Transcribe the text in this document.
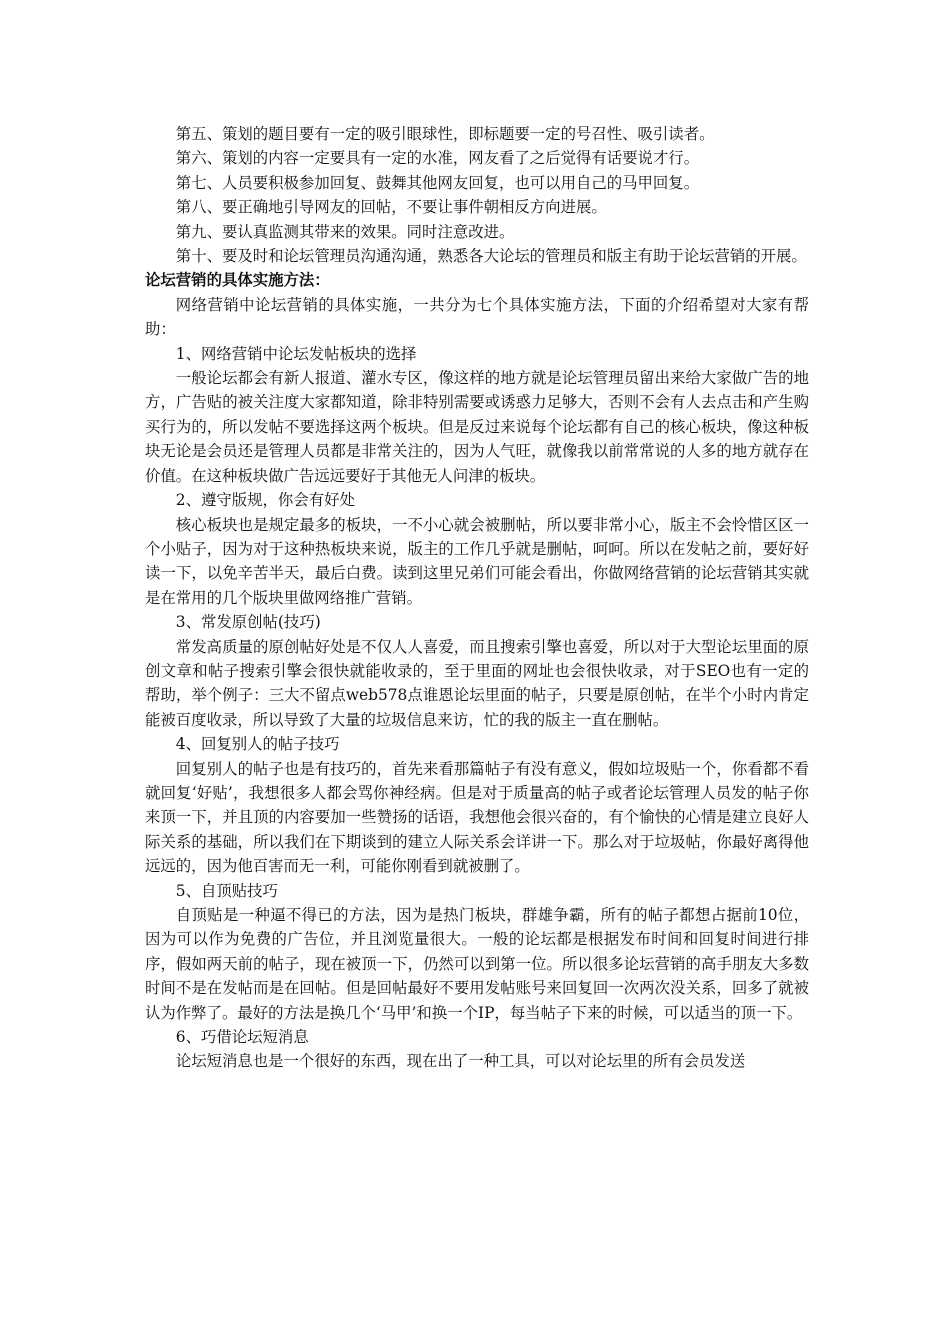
第五、策划的题目要有一定的吸引眼球性，即标题要一定的号召性、吸引读者。

第六、策划的内容一定要具有一定的水准，网友看了之后觉得有话要说才行。

第七、人员要积极参加回复、鼓舞其他网友回复，也可以用自己的马甲回复。

第八、要正确地引导网友的回帖，不要让事件朝相反方向进展。

第九、要认真监测其带来的效果。同时注意改进。

第十、要及时和论坛管理员沟通沟通，熟悉各大论坛的管理员和版主有助于论坛营销的开展。

论坛营销的具体实施方法：

网络营销中论坛营销的具体实施，一共分为七个具体实施方法，下面的介绍希望对大家有帮助：

1、网络营销中论坛发帖板块的选择

一般论坛都会有新人报道、灌水专区，像这样的地方就是论坛管理员留出来给大家做广告的地方，广告贴的被关注度大家都知道，除非特别需要或诱惑力足够大，否则不会有人去点击和产生购买行为的，所以发帖不要选择这两个板块。但是反过来说每个论坛都有自己的核心板块，像这种板块无论是会员还是管理人员都是非常关注的，因为人气旺，就像我以前常常说的人多的地方就存在价值。在这种板块做广告远远要好于其他无人问津的板块。

2、遵守版规，你会有好处

核心板块也是规定最多的板块，一不小心就会被删帖，所以要非常小心，版主不会怜惜区区一个小贴子，因为对于这种热板块来说，版主的工作几乎就是删帖，呵呵。所以在发帖之前，要好好读一下，以免辛苦半天，最后白费。读到这里兄弟们可能会看出，你做网络营销的论坛营销其实就是在常用的几个版块里做网络推广营销。

3、常发原创帖(技巧)

常发高质量的原创帖好处是不仅人人喜爱，而且搜索引擎也喜爱，所以对于大型论坛里面的原创文章和帖子搜索引擎会很快就能收录的，至于里面的网址也会很快收录，对于SEO也有一定的帮助，举个例子：三大不留点web578点谁恩论坛里面的帖子，只要是原创帖，在半个小时内肯定能被百度收录，所以导致了大量的垃圾信息来访，忙的我的版主一直在删帖。

4、回复别人的帖子技巧

回复别人的帖子也是有技巧的，首先来看那篇帖子有没有意义，假如垃圾贴一个，你看都不看就回复‘好贴’，我想很多人都会骂你神经病。但是对于质量高的帖子或者论坛管理人员发的帖子你来顶一下，并且顶的内容要加一些赞扬的话语，我想他会很兴奋的，有个愉快的心情是建立良好人际关系的基础，所以我们在下期谈到的建立人际关系会详讲一下。那么对于垃圾帖，你最好离得他远远的，因为他百害而无一利，可能你刚看到就被删了。

5、自顶贴技巧

自顶贴是一种逼不得已的方法，因为是热门板块，群雄争霸，所有的帖子都想占据前10位，因为可以作为免费的广告位，并且浏览量很大。一般的论坛都是根据发布时间和回复时间进行排序，假如两天前的帖子，现在被顶一下，仍然可以到第一位。所以很多论坛营销的高手朋友大多数时间不是在发帖而是在回帖。但是回帖最好不要用发帖账号来回复回一次两次没关系，回多了就被认为作弊了。最好的方法是换几个‘马甲’和换一个IP，每当帖子下来的时候，可以适当的顶一下。

6、巧借论坛短消息

论坛短消息也是一个很好的东西，现在出了一种工具，可以对论坛里的所有会员发送
